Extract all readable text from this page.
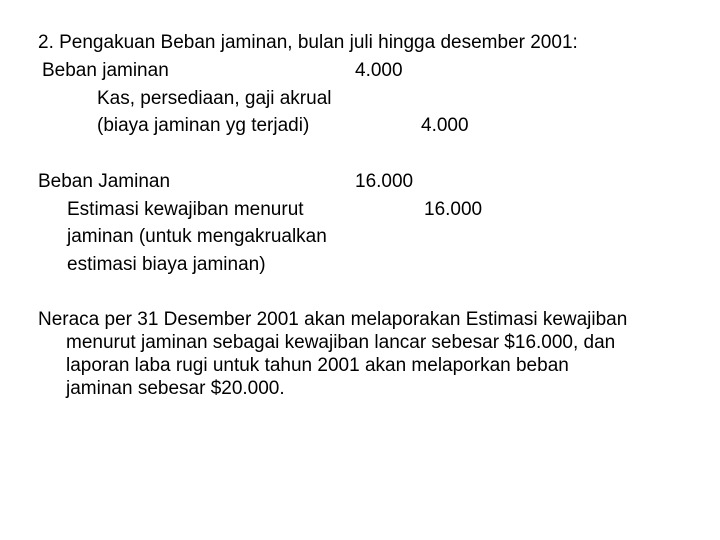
2. Pengakuan Beban jaminan, bulan juli hingga desember 2001:
Beban jaminan	4.000
Kas, persediaan, gaji akrual
(biaya jaminan yg terjadi)	4.000
Beban Jaminan	16.000
Estimasi kewajiban menurut	16.000
jaminan (untuk mengakrualkan
estimasi biaya jaminan)
Neraca per 31 Desember 2001 akan melaporakan Estimasi kewajiban
menurut jaminan sebagai kewajiban lancar sebesar $16.000, dan
laporan laba rugi untuk tahun 2001 akan melaporkan beban
jaminan sebesar $20.000.
